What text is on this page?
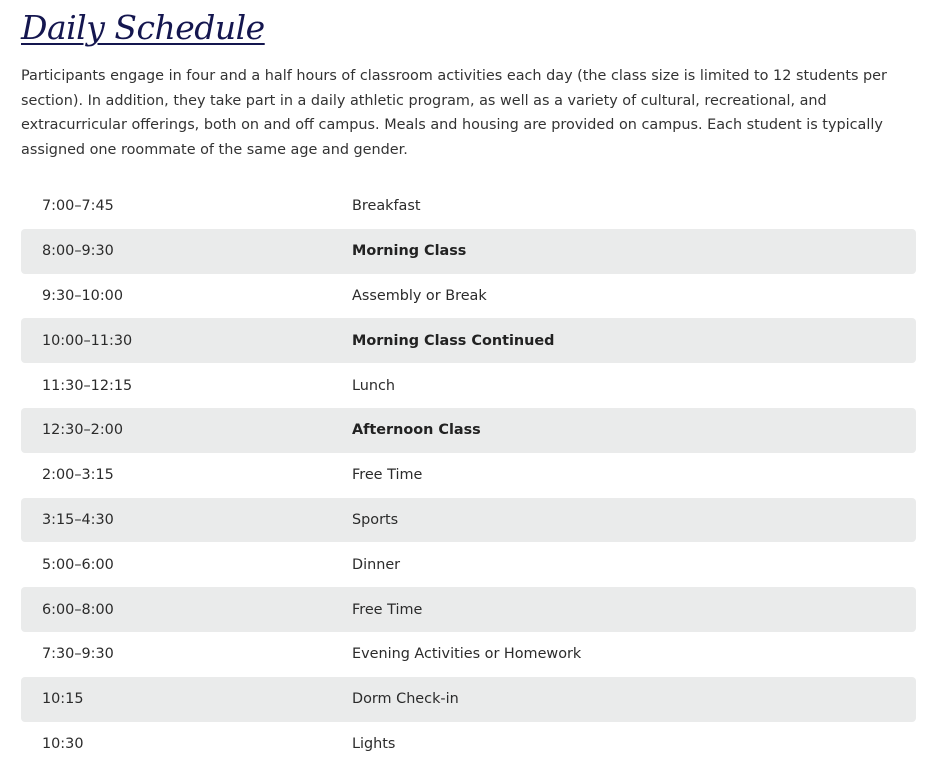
Daily Schedule

Participants engage in four and a half hours of classroom activities each day (the class size is limited to 12 students per section). In addition, they take part in a daily athletic program, as well as a variety of cultural, recreational, and extracurricular offerings, both on and off campus. Meals and housing are provided on campus. Each student is typically assigned one roommate of the same age and gender.

7:00–7:45	Breakfast
8:00–9:30	Morning Class
9:30–10:00	Assembly or Break
10:00–11:30	Morning Class Continued
11:30–12:15	Lunch
12:30–2:00	Afternoon Class
2:00–3:15	Free Time
3:15–4:30	Sports
5:00–6:00	Dinner
6:00–8:00	Free Time
7:30–9:30	Evening Activities or Homework
10:15	Dorm Check-in
10:30	Lights
